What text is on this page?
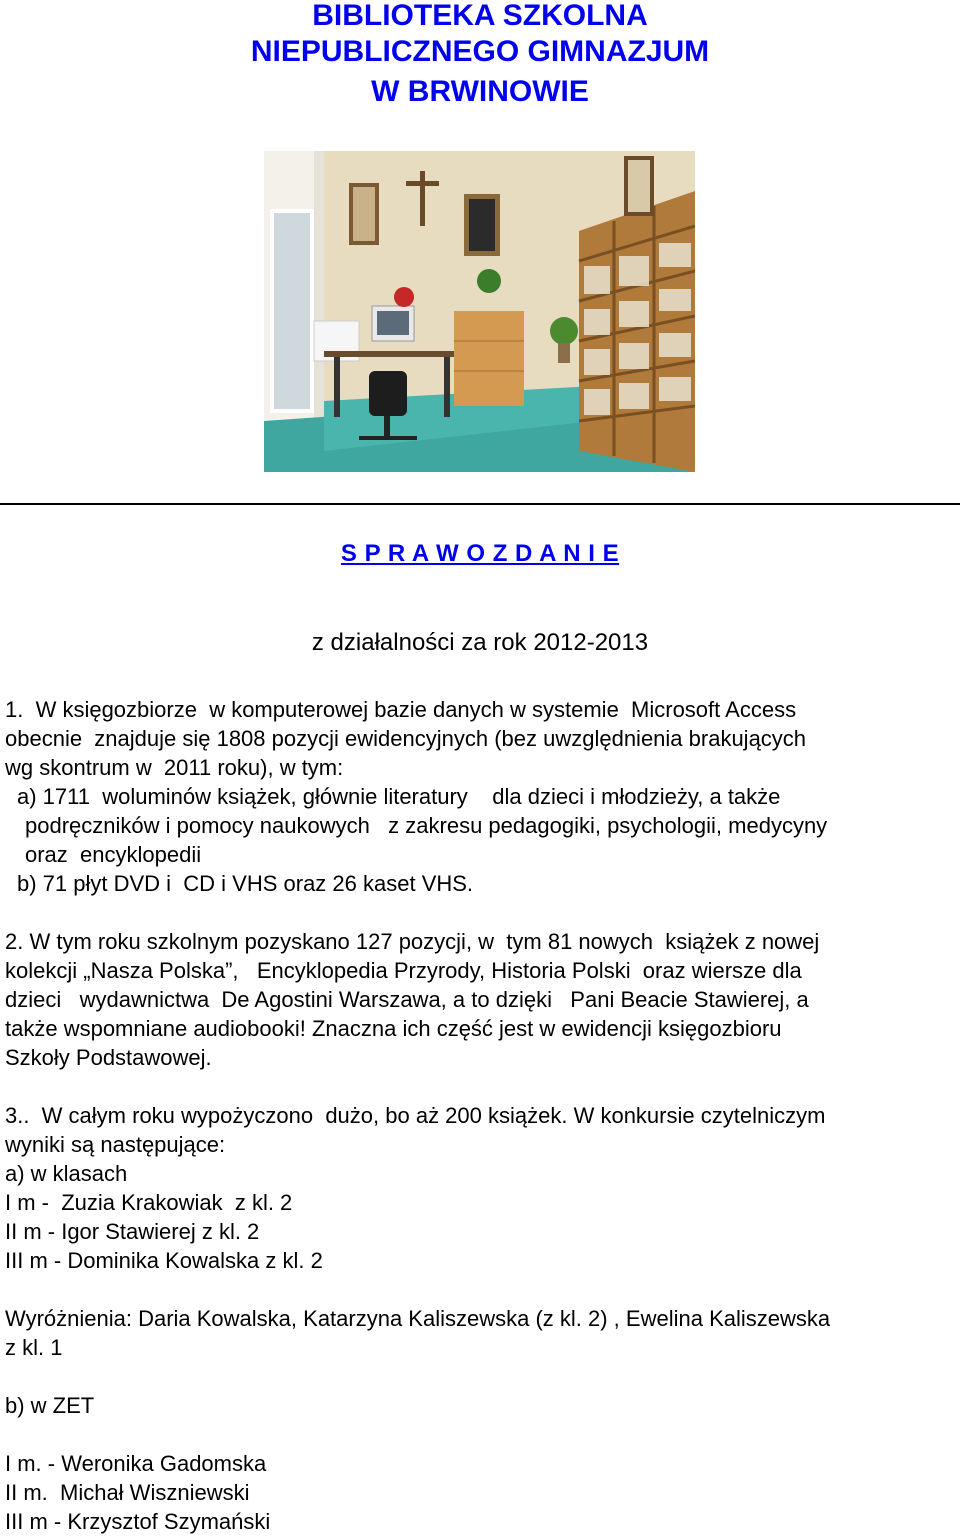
BIBLIOTEKA SZKOLNA
NIEPUBLICZNEGO GIMNAZJUM
W BRWINOWIE
S P R A W O Z D A N I E
z działalności za rok 2012-2013
1.  W księgozbiorze  w komputerowej bazie danych w systemie  Microsoft Access
obecnie  znajduje się 1808 pozycji ewidencyjnych (bez uwzględnienia brakujących
wg skontrum w  2011 roku), w tym:
a) 1711  woluminów książek, głównie literatury    dla dzieci i młodzieży, a także
podręczników i pomocy naukowych   z zakresu pedagogiki, psychologii, medycyny
oraz  encyklopedii
b) 71 płyt DVD i  CD i VHS oraz 26 kaset VHS.
2. W tym roku szkolnym pozyskano 127 pozycji, w  tym 81 nowych  książek z nowej
kolekcji „Nasza Polska”,   Encyklopedia Przyrody, Historia Polski  oraz wiersze dla
dzieci   wydawnictwa  De Agostini Warszawa, a to dzięki   Pani Beacie Stawierej, a
także wspomniane audiobooki! Znaczna ich część jest w ewidencji księgozbioru
Szkoły Podstawowej.
3..  W całym roku wypożyczono  dużo, bo aż 200 książek. W konkursie czytelniczym
wyniki są następujące:
a) w klasach
I m -  Zuzia Krakowiak  z kl. 2
II m - Igor Stawierej z kl. 2
III m - Dominika Kowalska z kl. 2
Wyróżnienia: Daria Kowalska, Katarzyna Kaliszewska (z kl. 2) , Ewelina Kaliszewska
z kl. 1
b) w ZET
I m. - Weronika Gadomska
II m.  Michał Wiszniewski
III m - Krzysztof Szymański
